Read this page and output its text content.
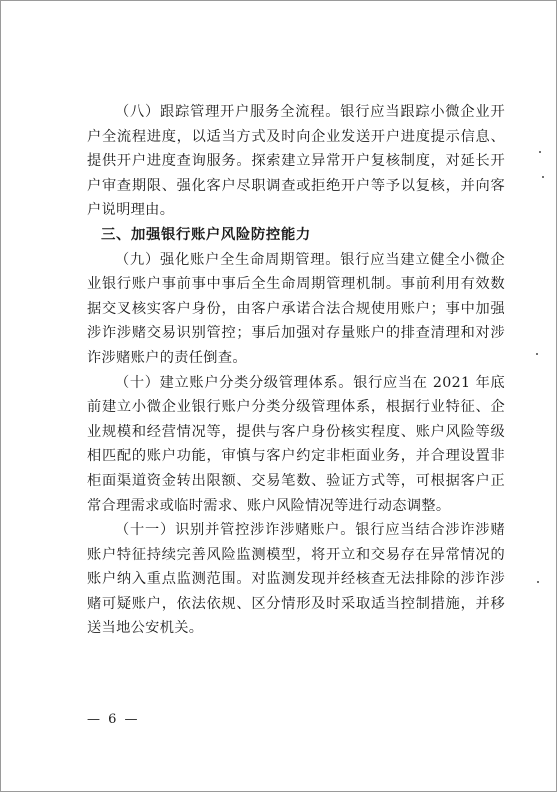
（八）跟踪管理开户服务全流程。银行应当跟踪小微企业开户全流程进度，以适当方式及时向企业发送开户进度提示信息、提供开户进度查询服务。探索建立异常开户复核制度，对延长开户审查期限、强化客户尽职调查或拒绝开户等予以复核，并向客户说明理由。

三、加强银行账户风险防控能力

（九）强化账户全生命周期管理。银行应当建立健全小微企业银行账户事前事中事后全生命周期管理机制。事前利用有效数据交叉核实客户身份，由客户承诺合法合规使用账户；事中加强涉诈涉赌交易识别管控；事后加强对存量账户的排查清理和对涉诈涉赌账户的责任倒查。

（十）建立账户分类分级管理体系。银行应当在 2021 年底前建立小微企业银行账户分类分级管理体系，根据行业特征、企业规模和经营情况等，提供与客户身份核实程度、账户风险等级相匹配的账户功能，审慎与客户约定非柜面业务，并合理设置非柜面渠道资金转出限额、交易笔数、验证方式等，可根据客户正常合理需求或临时需求、账户风险情况等进行动态调整。

（十一）识别并管控涉诈涉赌账户。银行应当结合涉诈涉赌账户特征持续完善风险监测模型，将开立和交易存在异常情况的账户纳入重点监测范围。对监测发现并经核查无法排除的涉诈涉赌可疑账户，依法依规、区分情形及时采取适当控制措施，并移送当地公安机关。

— 6 —
